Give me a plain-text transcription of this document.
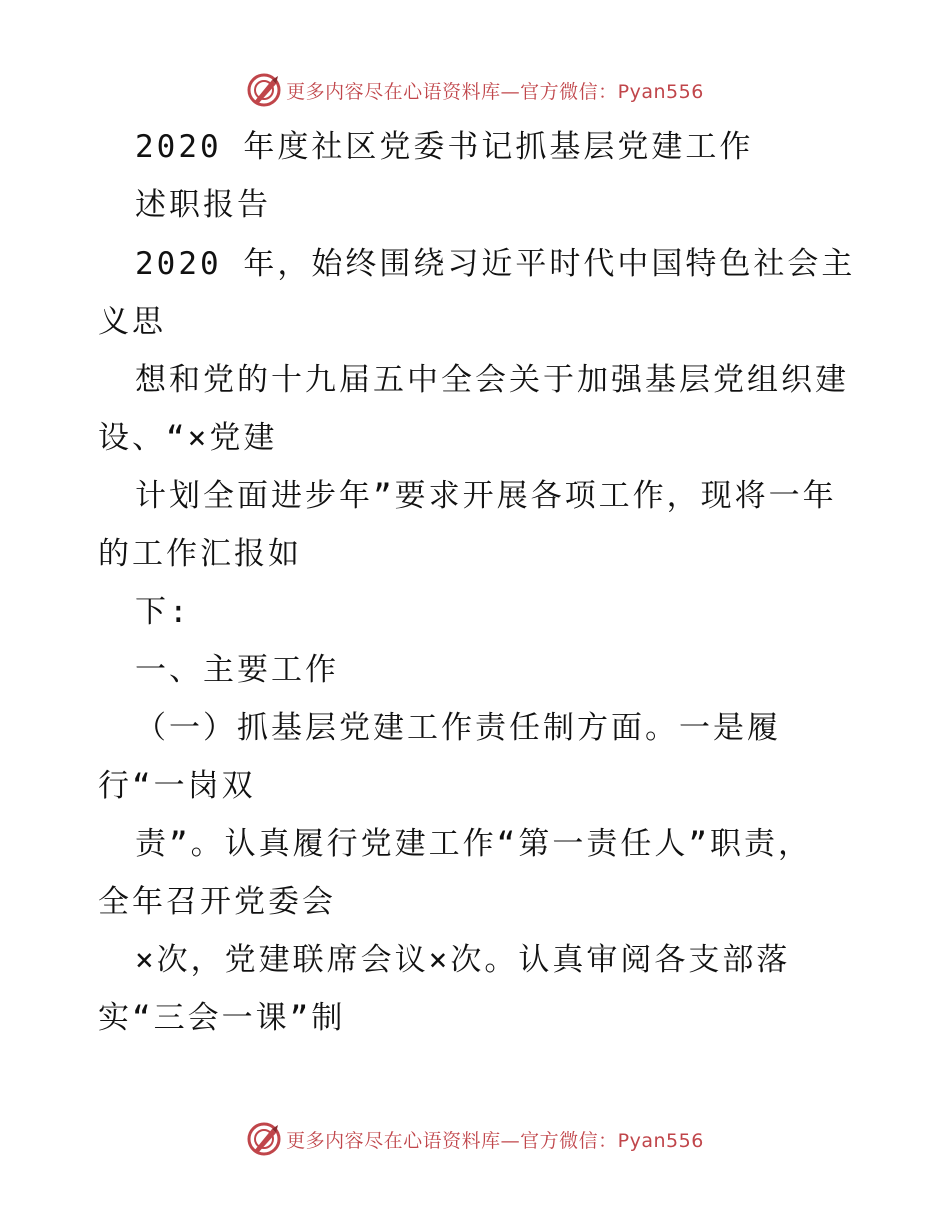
更多内容尽在心语资料库—官方微信：Pyan556
2020 年度社区党委书记抓基层党建工作
述职报告
2020 年，始终围绕习近平时代中国特色社会主
义思
想和党的十九届五中全会关于加强基层党组织建
设、“×党建
计划全面进步年”要求开展各项工作，现将一年
的工作汇报如
下:
一、主要工作
（一）抓基层党建工作责任制方面。一是履
行“一岗双
责”。认真履行党建工作“第一责任人”职责，
全年召开党委会
×次，党建联席会议×次。认真审阅各支部落
实“三会一课”制
更多内容尽在心语资料库—官方微信：Pyan556
